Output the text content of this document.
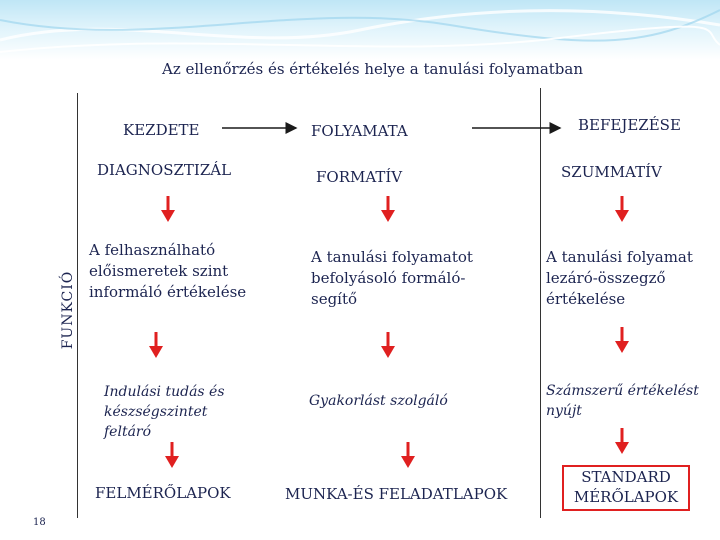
Az ellenőrzés és értékelés helye a tanulási folyamatban
FUNKCIÓ
KEZDETE
DIAGNOSZTIZÁL
A felhasználható előismeretek szint informáló értékelése
Indulási tudás és készségszintet feltáró
FELMÉRŐLAPOK
FOLYAMATA
FORMATÍV
A tanulási folyamatot befolyásoló formáló-segítő
Gyakorlást szolgáló
MUNKA-ÉS FELADATLAPOK
BEFEJEZÉSE
SZUMMATÍV
A tanulási folyamat lezáró-összegző értékelése
Számszerű értékelést nyújt
STANDARD MÉRŐLAPOK
18
